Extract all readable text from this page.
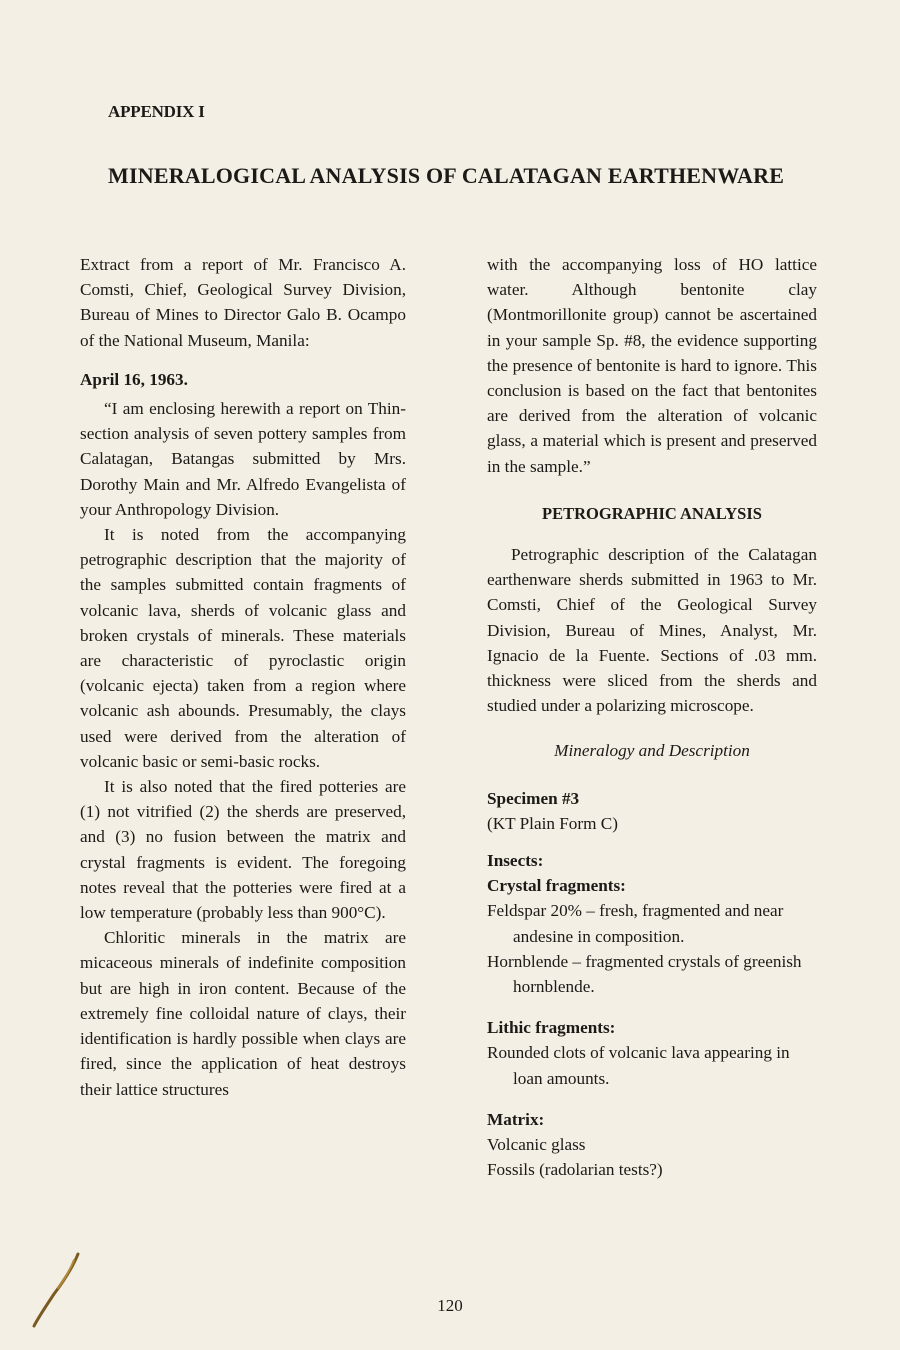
APPENDIX I
MINERALOGICAL ANALYSIS OF CALATAGAN EARTHENWARE

Extract from a report of Mr. Francisco A. Comsti, Chief, Geological Survey Division, Bureau of Mines to Director Galo B. Ocampo of the National Museum, Manila:

April 16, 1963.

“I am enclosing herewith a report on Thin-section analysis of seven pottery samples from Calatagan, Batangas submitted by Mrs. Dorothy Main and Mr. Alfredo Evangelista of your Anthropology Division.

It is noted from the accompanying petrographic description that the majority of the samples submitted contain fragments of volcanic lava, sherds of volcanic glass and broken crystals of minerals. These materials are characteristic of pyroclastic origin (volcanic ejecta) taken from a region where volcanic ash abounds. Presumably, the clays used were derived from the alteration of volcanic basic or semi-basic rocks.

It is also noted that the fired potteries are (1) not vitrified (2) the sherds are preserved, and (3) no fusion between the matrix and crystal fragments is evident. The foregoing notes reveal that the potteries were fired at a low temperature (probably less than 900°C).

Chloritic minerals in the matrix are micaceous minerals of indefinite composition but are high in iron content. Because of the extremely fine colloidal nature of clays, their identification is hardly possible when clays are fired, since the application of heat destroys their lattice structures

with the accompanying loss of HO lattice water. Although bentonite clay (Montmorillonite group) cannot be ascertained in your sample Sp. #8, the evidence supporting the presence of bentonite is hard to ignore. This conclusion is based on the fact that bentonites are derived from the alteration of volcanic glass, a material which is present and preserved in the sample.”

PETROGRAPHIC ANALYSIS

Petrographic description of the Calatagan earthenware sherds submitted in 1963 to Mr. Comsti, Chief of the Geological Survey Division, Bureau of Mines, Analyst, Mr. Ignacio de la Fuente. Sections of .03 mm. thickness were sliced from the sherds and studied under a polarizing microscope.

Mineralogy and Description

Specimen #3

(KT Plain Form C)

Insects:

Crystal fragments:

Feldspar 20% – fresh, fragmented and near andesine in composition.

Hornblende – fragmented crystals of greenish hornblende.

Lithic fragments:

Rounded clots of volcanic lava appearing in loan amounts.

Matrix:

Volcanic glass

Fossils (radolarian tests?)

120
